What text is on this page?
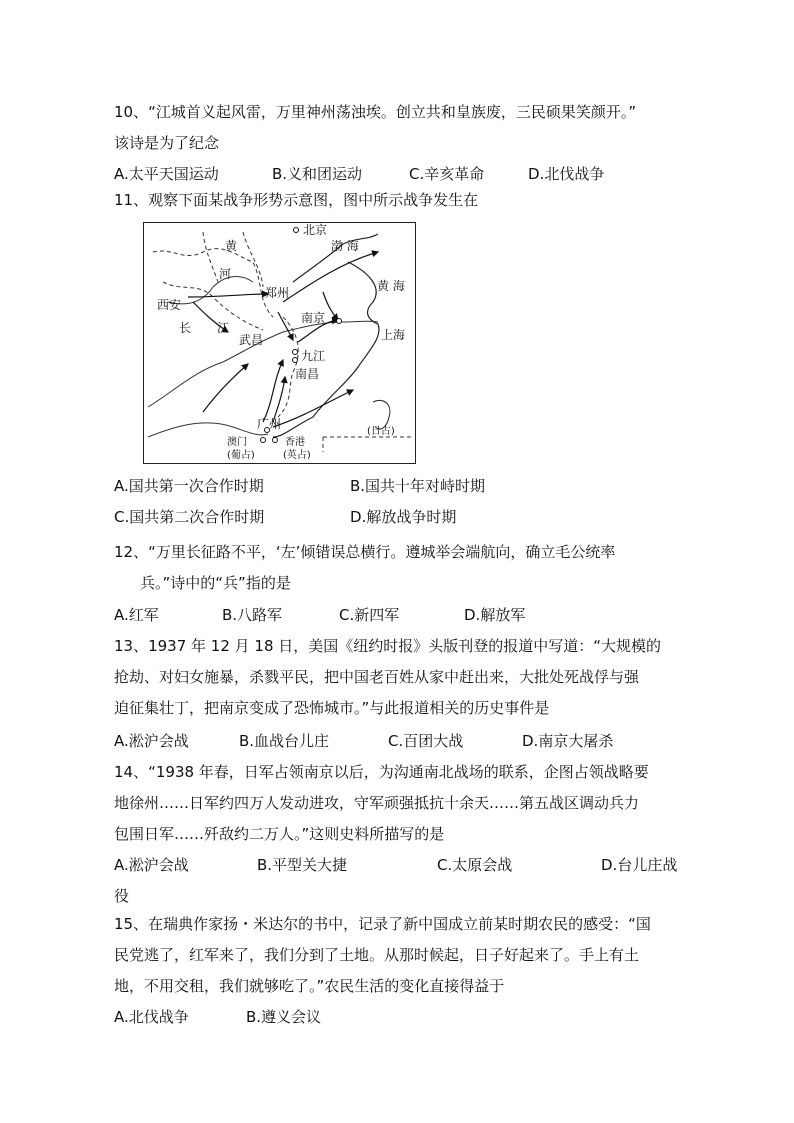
10、“江城首义起风雷，万里神州荡浊埃。创立共和皇族废，三民硕果笑颜开。”
该诗是为了纪念
A.太平天国运动	B.义和团运动	C.辛亥革命	D.北伐战争
11、观察下面某战争形势示意图，图中所示战争发生在
北京
渤 海
黄
河
西安
郑州	黄 海
南京
上海
长 江
武昌
九江
南昌
广州
澳门
(葡占)
香港
(英占)
(日占)
A.国共第一次合作时期	B.国共十年对峙时期
C.国共第二次合作时期	D.解放战争时期
12、“万里长征路不平，‘左’倾错误总横行。遵城举会端航向，确立毛公统率
兵。”诗中的“兵”指的是
A.红军	B.八路军	C.新四军	D.解放军
13、1937 年 12 月 18 日，美国《纽约时报》头版刊登的报道中写道：“大规模的
抢劫、对妇女施暴，杀戮平民，把中国老百姓从家中赶出来，大批处死战俘与强
迫征集壮丁，把南京变成了恐怖城市。”与此报道相关的历史事件是
A.淞沪会战	B.血战台儿庄	C.百团大战	D.南京大屠杀
14、“1938 年春，日军占领南京以后，为沟通南北战场的联系，企图占领战略要
地徐州……日军约四万人发动进攻，守军顽强抵抗十余天……第五战区调动兵力
包围日军……歼敌约二万人。”这则史料所描写的是
A.淞沪会战	B.平型关大捷	C.太原会战	D.台儿庄战
役
15、在瑞典作家扬・米达尔的书中，记录了新中国成立前某时期农民的感受：“国
民党逃了，红军来了，我们分到了土地。从那时候起，日子好起来了。手上有土
地，不用交租，我们就够吃了。”农民生活的变化直接得益于
A.北伐战争	B.遵义会议
